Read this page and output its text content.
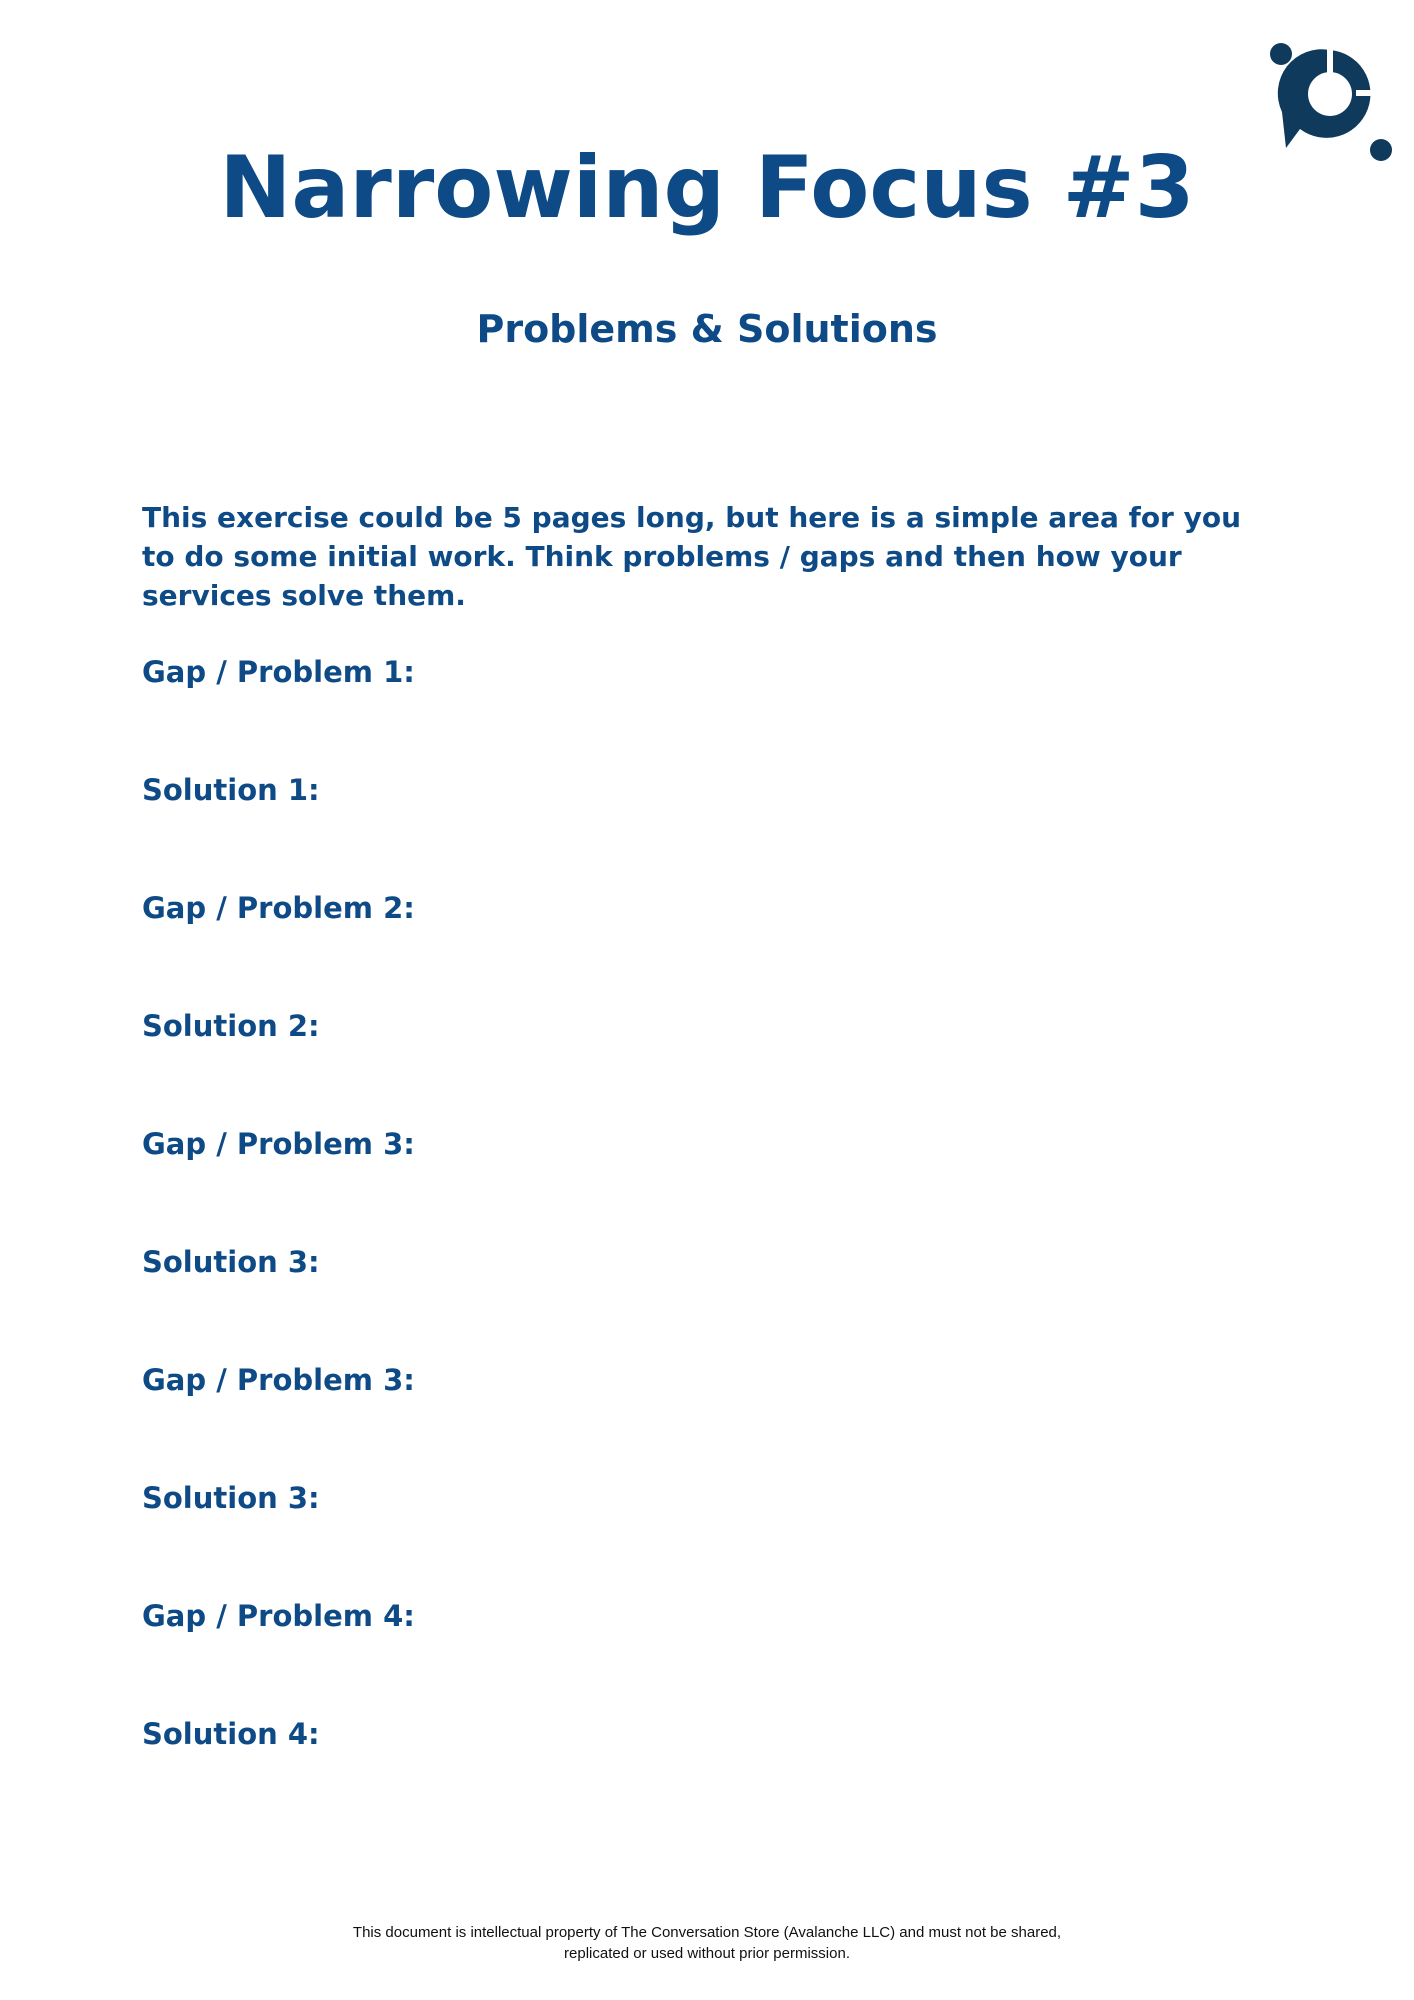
Narrowing Focus #3
Problems & Solutions

This exercise could be 5 pages long, but here is a simple area for you to do some initial work. Think problems / gaps and then how your services solve them.

Gap / Problem 1:
Solution 1:
Gap / Problem 2:
Solution 2:
Gap / Problem 3:
Solution 3:
Gap / Problem 3:
Solution 3:
Gap / Problem 4:
Solution 4:
This document is intellectual property of The Conversation Store (Avalanche LLC) and must not be shared,
replicated or used without prior permission.
